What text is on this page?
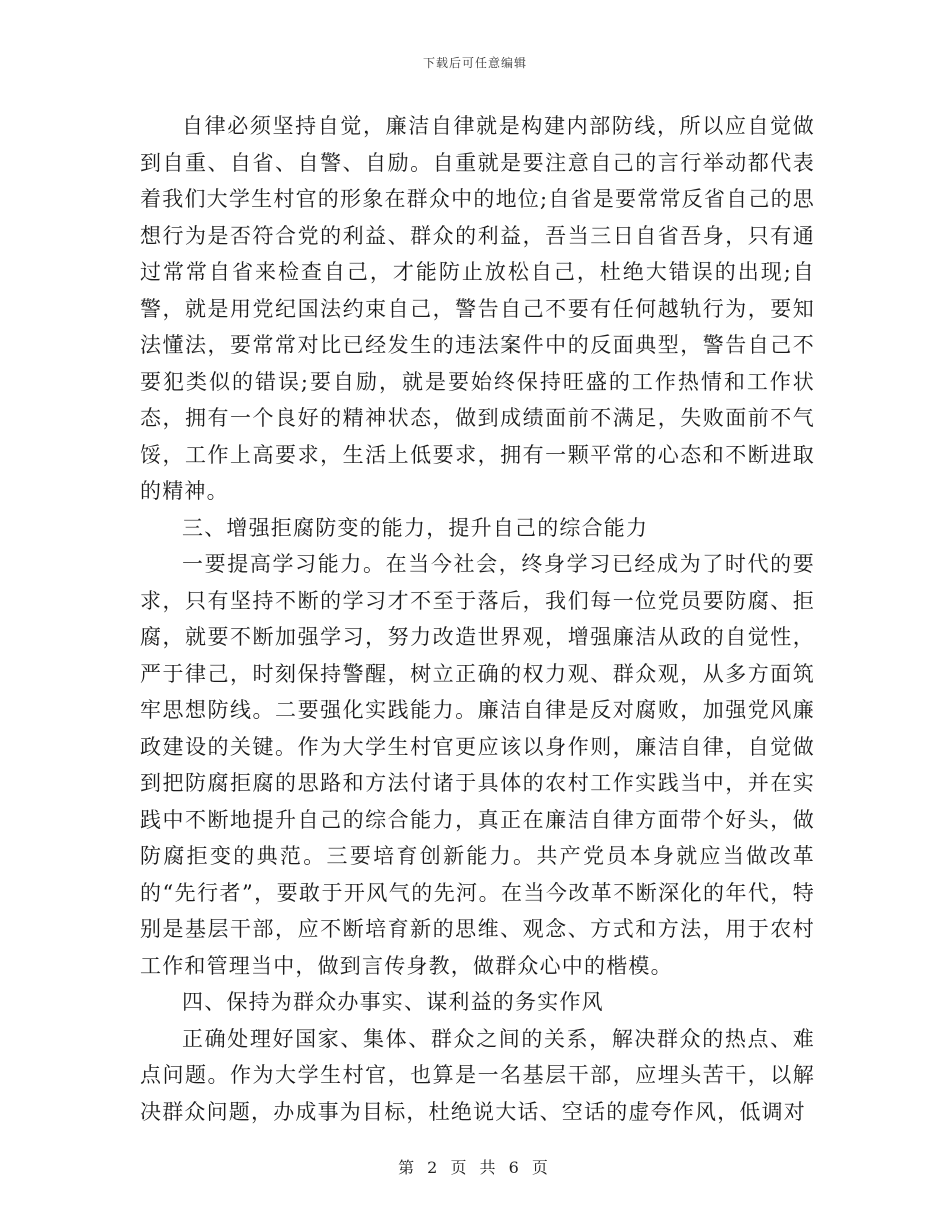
下载后可任意编辑

自律必须坚持自觉，廉洁自律就是构建内部防线，所以应自觉做到自重、自省、自警、自励。自重就是要注意自己的言行举动都代表着我们大学生村官的形象在群众中的地位;自省是要常常反省自己的思想行为是否符合党的利益、群众的利益，吾当三日自省吾身，只有通过常常自省来检查自己，才能防止放松自己，杜绝大错误的出现;自警，就是用党纪国法约束自己，警告自己不要有任何越轨行为，要知法懂法，要常常对比已经发生的违法案件中的反面典型，警告自己不要犯类似的错误;要自励，就是要始终保持旺盛的工作热情和工作状态，拥有一个良好的精神状态，做到成绩面前不满足，失败面前不气馁，工作上高要求，生活上低要求，拥有一颗平常的心态和不断进取的精神。

三、增强拒腐防变的能力，提升自己的综合能力

一要提高学习能力。在当今社会，终身学习已经成为了时代的要求，只有坚持不断的学习才不至于落后，我们每一位党员要防腐、拒腐，就要不断加强学习，努力改造世界观，增强廉洁从政的自觉性，严于律己，时刻保持警醒，树立正确的权力观、群众观，从多方面筑牢思想防线。二要强化实践能力。廉洁自律是反对腐败，加强党风廉政建设的关键。作为大学生村官更应该以身作则，廉洁自律，自觉做到把防腐拒腐的思路和方法付诸于具体的农村工作实践当中，并在实践中不断地提升自己的综合能力，真正在廉洁自律方面带个好头，做防腐拒变的典范。三要培育创新能力。共产党员本身就应当做改革的“先行者”，要敢于开风气的先河。在当今改革不断深化的年代，特别是基层干部，应不断培育新的思维、观念、方式和方法，用于农村工作和管理当中，做到言传身教，做群众心中的楷模。

四、保持为群众办事实、谋利益的务实作风

正确处理好国家、集体、群众之间的关系，解决群众的热点、难点问题。作为大学生村官，也算是一名基层干部，应埋头苦干，以解决群众问题，办成事为目标，杜绝说大话、空话的虚夸作风，低调对

第 2 页 共 6 页
